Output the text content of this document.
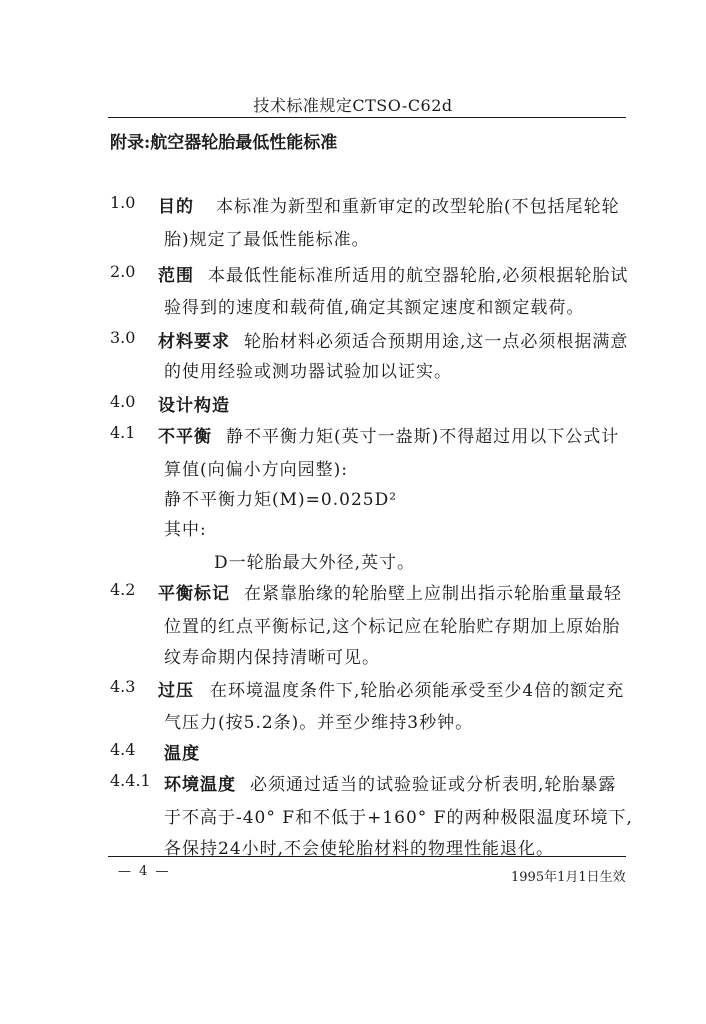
技术标准规定CTSO-C62d
附录:航空器轮胎最低性能标准
1.0 目的 本标准为新型和重新审定的改型轮胎(不包括尾轮轮
胎)规定了最低性能标准。
2.0 范围 本最低性能标准所适用的航空器轮胎,必须根据轮胎试
验得到的速度和载荷值,确定其额定速度和额定载荷。
3.0 材料要求 轮胎材料必须适合预期用途,这一点必须根据满意
的使用经验或测功器试验加以证实。
4.0 设计构造
4.1 不平衡 静不平衡力矩(英寸一盎斯)不得超过用以下公式计
算值(向偏小方向园整):
静不平衡力矩(M)=0.025D²
其中:
D一轮胎最大外径,英寸。
4.2 平衡标记 在紧靠胎缘的轮胎壁上应制出指示轮胎重量最轻
位置的红点平衡标记,这个标记应在轮胎贮存期加上原始胎
纹寿命期内保持清晰可见。
4.3 过压 在环境温度条件下,轮胎必须能承受至少4倍的额定充
气压力(按5.2条)。并至少维持3秒钟。
4.4 温度
4.4.1 环境温度 必须通过适当的试验验证或分析表明,轮胎暴露
于不高于-40° F和不低于+160° F的两种极限温度环境下,
各保持24小时,不会使轮胎材料的物理性能退化。
— 4 —	1995年1月1日生效
